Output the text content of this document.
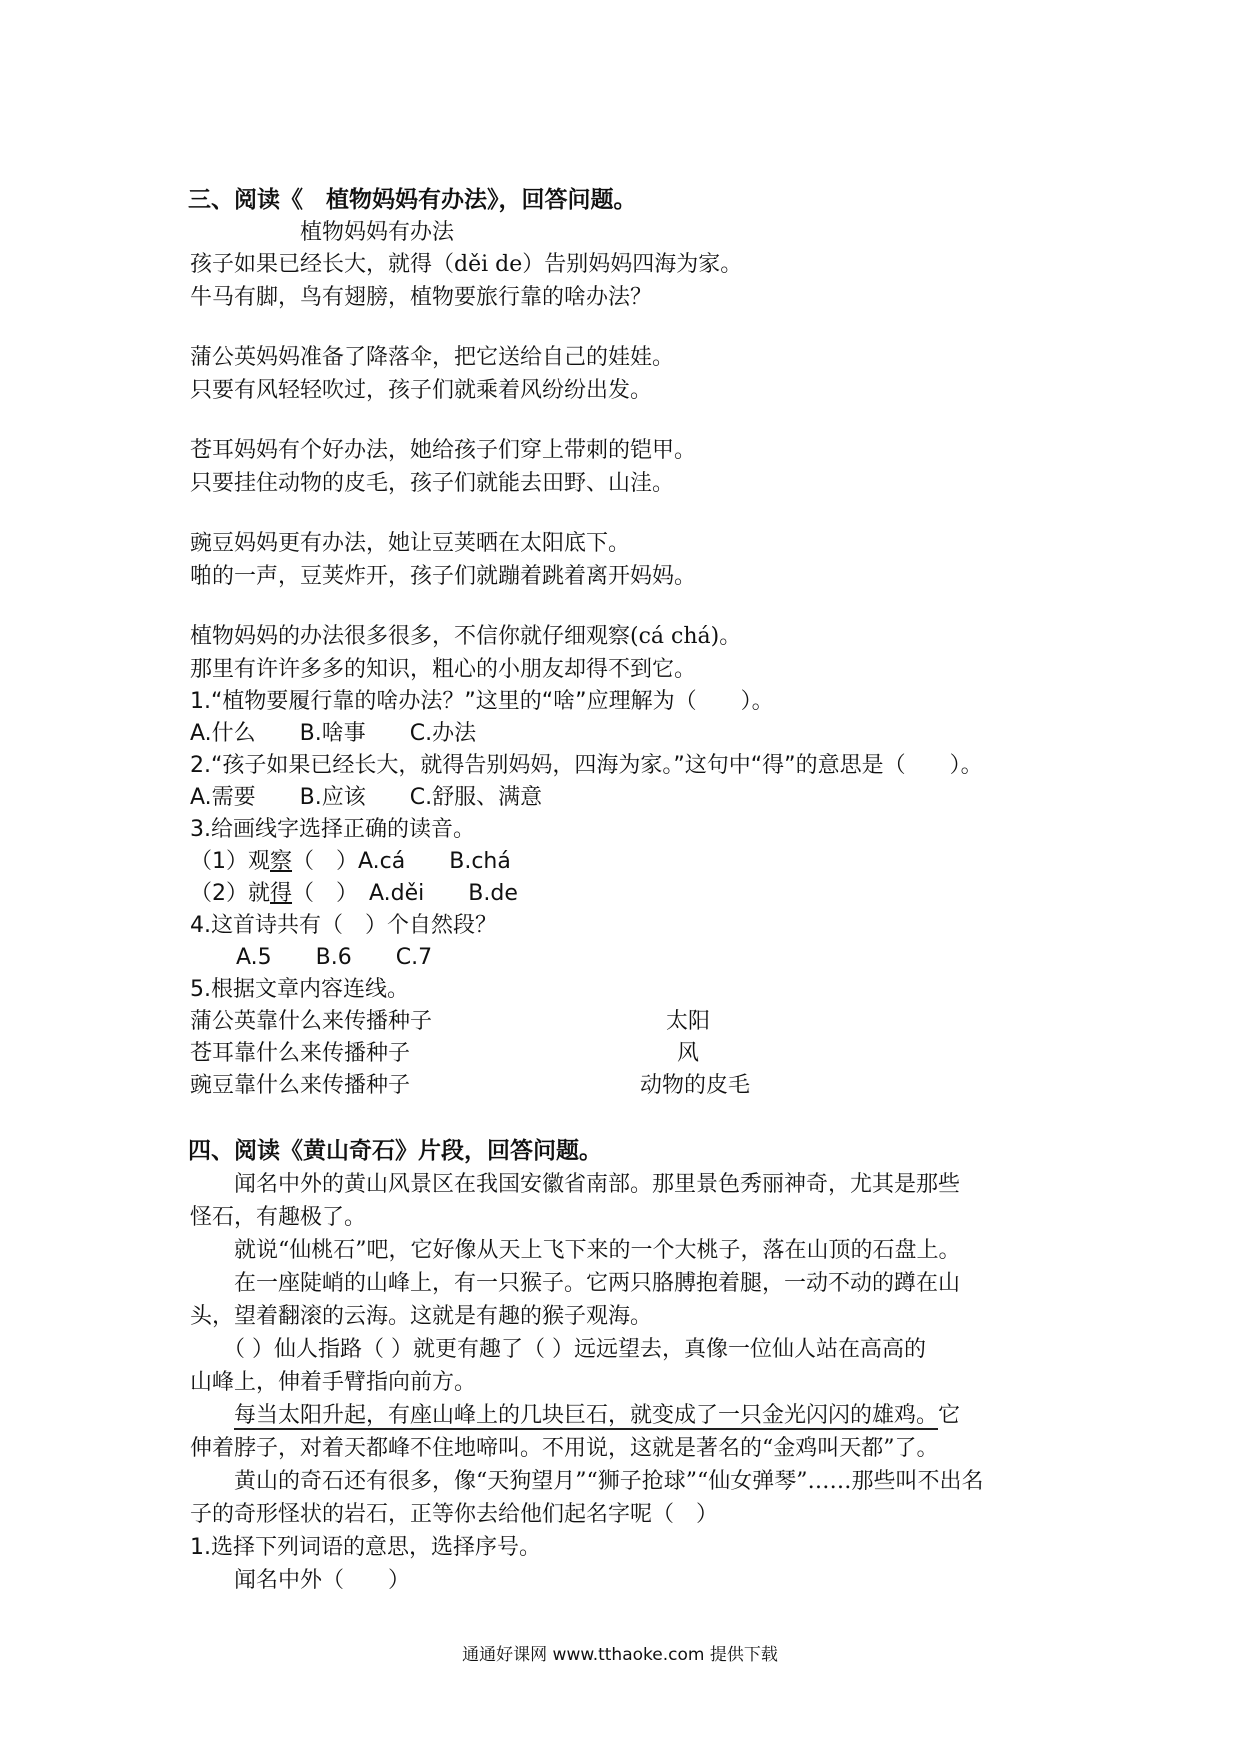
三、阅读《　植物妈妈有办法》，回答问题。
植物妈妈有办法
孩子如果已经长大，就得（děi de）告别妈妈四海为家。
牛马有脚，鸟有翅膀，植物要旅行靠的啥办法？
蒲公英妈妈准备了降落伞，把它送给自己的娃娃。
只要有风轻轻吹过，孩子们就乘着风纷纷出发。
苍耳妈妈有个好办法，她给孩子们穿上带刺的铠甲。
只要挂住动物的皮毛，孩子们就能去田野、山洼。
豌豆妈妈更有办法，她让豆荚晒在太阳底下。
啪的一声，豆荚炸开，孩子们就蹦着跳着离开妈妈。
植物妈妈的办法很多很多，不信你就仔细观察(cá chá)。
那里有许许多多的知识，粗心的小朋友却得不到它。
1.“植物要履行靠的啥办法？”这里的“啥”应理解为（　　）。
A.什么　　B.啥事　　C.办法
2.“孩子如果已经长大，就得告别妈妈，四海为家。”这句中“得”的意思是（　　）。
A.需要　　B.应该　　C.舒服、满意
3.给画线字选择正确的读音。
（1）观察（　）A.cá　　B.chá
（2）就得（　）　A.děi　　B.de
4.这首诗共有（　）个自然段？
A.5　　B.6　　C.7
5.根据文章内容连线。
蒲公英靠什么来传播种子
苍耳靠什么来传播种子
豌豆靠什么来传播种子
太阳
风
动物的皮毛
四、阅读《黄山奇石》片段，回答问题。
　　闻名中外的黄山风景区在我国安徽省南部。那里景色秀丽神奇，尤其是那些
怪石，有趣极了。
　　就说“仙桃石”吧，它好像从天上飞下来的一个大桃子，落在山顶的石盘上。
　　在一座陡峭的山峰上，有一只猴子。它两只胳膊抱着腿，一动不动的蹲在山
头，望着翻滚的云海。这就是有趣的猴子观海。
　　（ ）仙人指路（ ）就更有趣了（ ）远远望去，真像一位仙人站在高高的
山峰上，伸着手臂指向前方。
　　每当太阳升起，有座山峰上的几块巨石，就变成了一只金光闪闪的雄鸡。它
伸着脖子，对着天都峰不住地啼叫。不用说，这就是著名的“金鸡叫天都”了。
　　黄山的奇石还有很多，像“天狗望月”“狮子抢球”“仙女弹琴”……那些叫不出名
子的奇形怪状的岩石，正等你去给他们起名字呢（　）
1.选择下列词语的意思，选择序号。
　　闻名中外（　　）
通通好课网 www.tthaoke.com 提供下载
